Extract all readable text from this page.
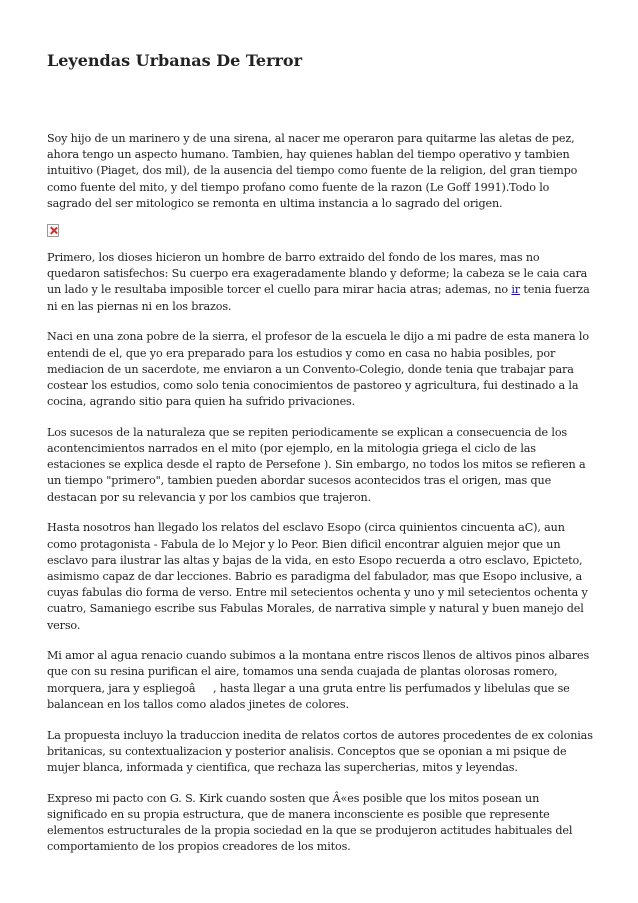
Leyendas Urbanas De Terror

Soy hijo de un marinero y de una sirena, al nacer me operaron para quitarme las aletas de pez, ahora tengo un aspecto humano. Tambien, hay quienes hablan del tiempo operativo y tambien intuitivo (Piaget, dos mil), de la ausencia del tiempo como fuente de la religion, del gran tiempo como fuente del mito, y del tiempo profano como fuente de la razon (Le Goff 1991).Todo lo sagrado del ser mitologico se remonta en ultima instancia a lo sagrado del origen.

Primero, los dioses hicieron un hombre de barro extraido del fondo de los mares, mas no quedaron satisfechos: Su cuerpo era exageradamente blando y deforme; la cabeza se le caia cara un lado y le resultaba imposible torcer el cuello para mirar hacia atras; ademas, no ir tenia fuerza ni en las piernas ni en los brazos.

Naci en una zona pobre de la sierra, el profesor de la escuela le dijo a mi padre de esta manera lo entendi de el, que yo era preparado para los estudios y como en casa no habia posibles, por mediacion de un sacerdote, me enviaron a un Convento-Colegio, donde tenia que trabajar para costear los estudios, como solo tenia conocimientos de pastoreo y agricultura, fui destinado a la cocina, agrando sitio para quien ha sufrido privaciones.

Los sucesos de la naturaleza que se repiten periodicamente se explican a consecuencia de los acontencimientos narrados en el mito (por ejemplo, en la mitologia griega el ciclo de las estaciones se explica desde el rapto de Persefone ). Sin embargo, no todos los mitos se refieren a un tiempo "primero", tambien pueden abordar sucesos acontecidos tras el origen, mas que destacan por su relevancia y por los cambios que trajeron.

Hasta nosotros han llegado los relatos del esclavo Esopo (circa quinientos cincuenta aC), aun como protagonista - Fabula de lo Mejor y lo Peor. Bien dificil encontrar alguien mejor que un esclavo para ilustrar las altas y bajas de la vida, en esto Esopo recuerda a otro esclavo, Epicteto, asimismo capaz de dar lecciones. Babrio es paradigma del fabulador, mas que Esopo inclusive, a cuyas fabulas dio forma de verso. Entre mil setecientos ochenta y uno y mil setecientos ochenta y cuatro, Samaniego escribe sus Fabulas Morales, de narrativa simple y natural y buen manejo del verso.

Mi amor al agua renacio cuando subimos a la montana entre riscos llenos de altivos pinos albares que con su resina purifican el aire, tomamos una senda cuajada de plantas olorosas romero, morquera, jara y espliegoâ, hasta llegar a una gruta entre lis perfumados y libelulas que se balancean en los tallos como alados jinetes de colores.

La propuesta incluyo la traduccion inedita de relatos cortos de autores procedentes de ex colonias britanicas, su contextualizacion y posterior analisis. Conceptos que se oponian a mi psique de mujer blanca, informada y cientifica, que rechaza las supercherias, mitos y leyendas.

Expreso mi pacto con G. S. Kirk cuando sosten que Â«es posible que los mitos posean un significado en su propia estructura, que de manera inconsciente es posible que represente elementos estructurales de la propia sociedad en la que se produjeron actitudes habituales del comportamiento de los propios creadores de los mitos.
